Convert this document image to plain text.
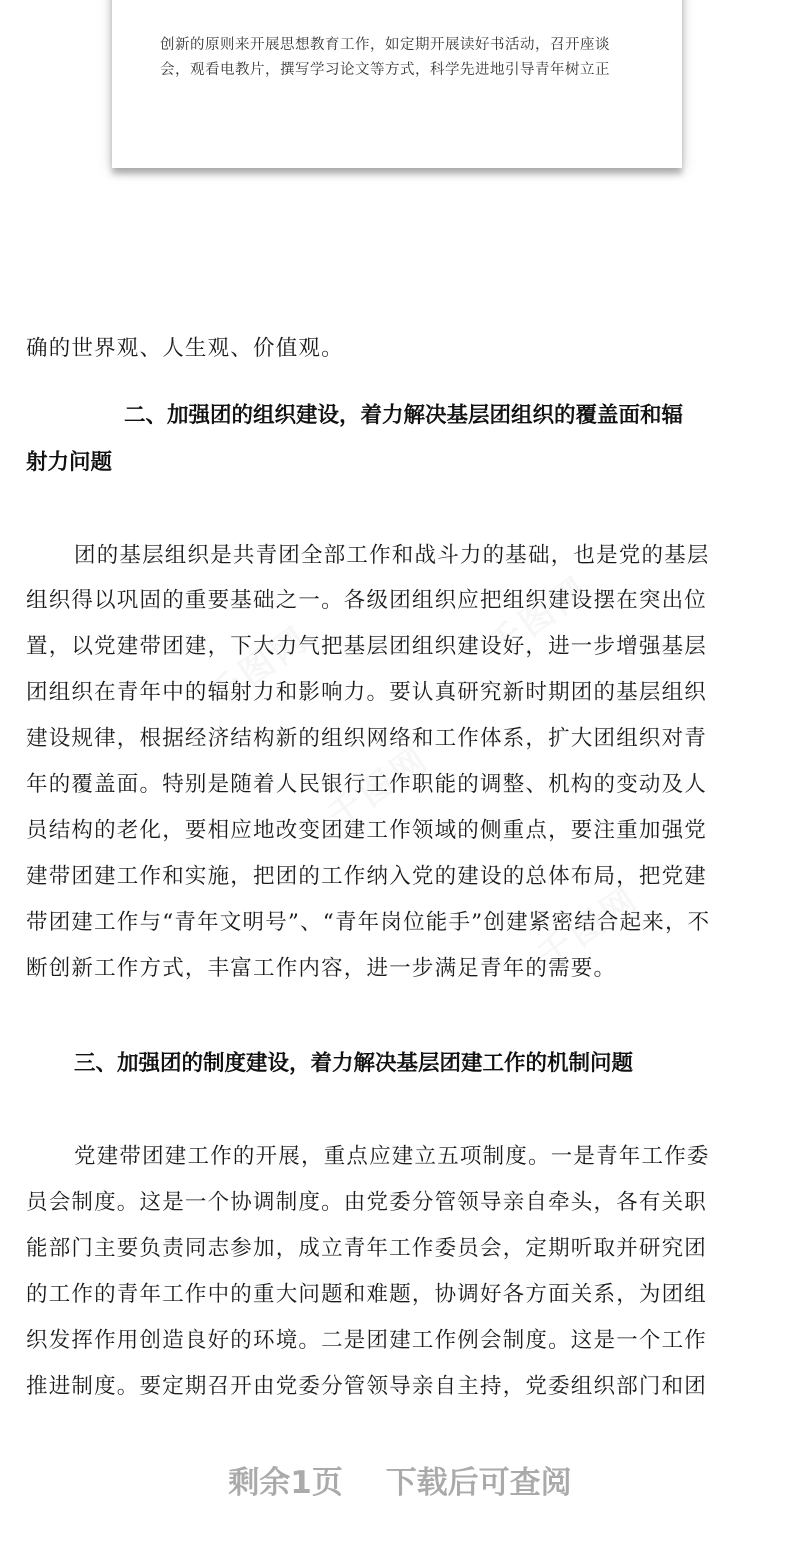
创新的原则来开展思想教育工作，如定期开展读好书活动，召开座谈
会，观看电教片，撰写学习论文等方式，科学先进地引导青年树立正
确的世界观、人生观、价值观。
二、加强团的组织建设，着力解决基层团组织的覆盖面和辐
射力问题
团的基层组织是共青团全部工作和战斗力的基础，也是党的基层
组织得以巩固的重要基础之一。各级团组织应把组织建设摆在突出位
置，以党建带团建，下大力气把基层团组织建设好，进一步增强基层
团组织在青年中的辐射力和影响力。要认真研究新时期团的基层组织
建设规律，根据经济结构新的组织网络和工作体系，扩大团组织对青
年的覆盖面。特别是随着人民银行工作职能的调整、机构的变动及人
员结构的老化，要相应地改变团建工作领域的侧重点，要注重加强党
建带团建工作和实施，把团的工作纳入党的建设的总体布局，把党建
带团建工作与“青年文明号”、“青年岗位能手”创建紧密结合起来，不
断创新工作方式，丰富工作内容，进一步满足青年的需要。
三、加强团的制度建设，着力解决基层团建工作的机制问题
党建带团建工作的开展，重点应建立五项制度。一是青年工作委
员会制度。这是一个协调制度。由党委分管领导亲自牵头，各有关职
能部门主要负责同志参加，成立青年工作委员会，定期听取并研究团
的工作的青年工作中的重大问题和难题，协调好各方面关系，为团组
织发挥作用创造良好的环境。二是团建工作例会制度。这是一个工作
推进制度。要定期召开由党委分管领导亲自主持，党委组织部门和团
剩余1页 下载后可查阅
